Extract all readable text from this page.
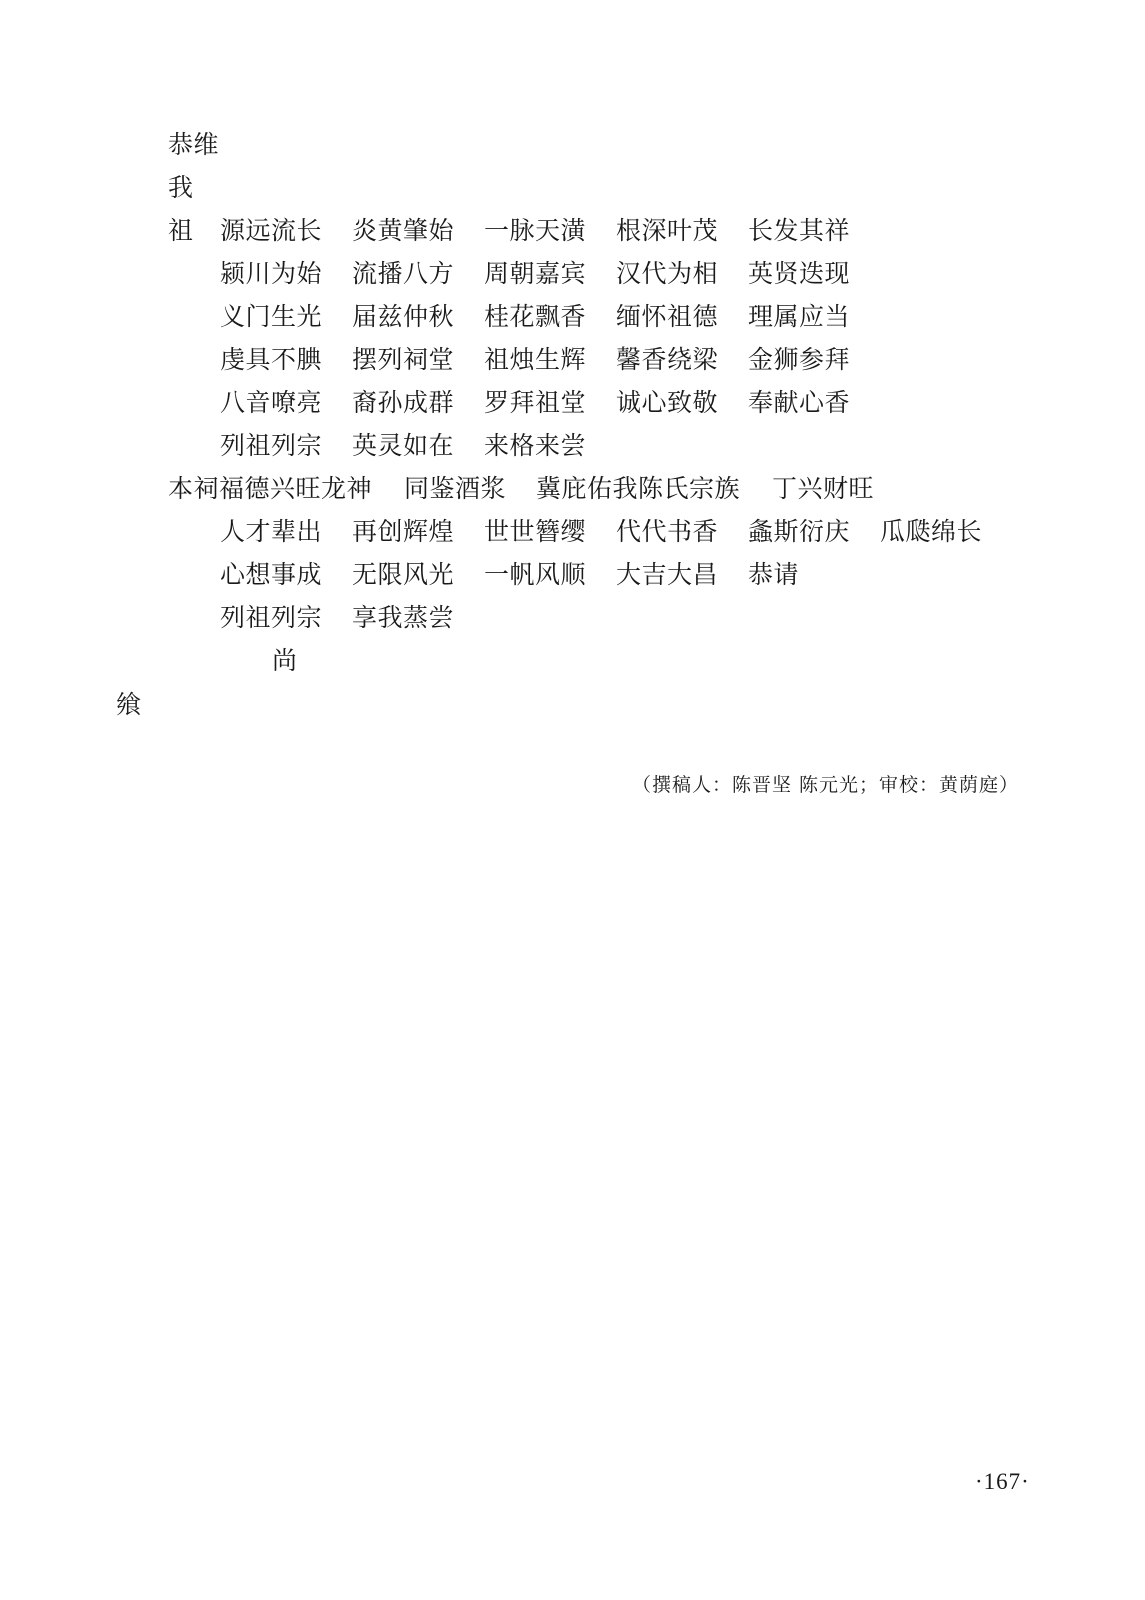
恭维
我
祖 源远流长 炎黄肇始 一脉天潢 根深叶茂 长发其祥
颍川为始 流播八方 周朝嘉宾 汉代为相 英贤迭现
义门生光 届兹仲秋 桂花飘香 缅怀祖德 理属应当
虔具不腆 摆列祠堂 祖烛生辉 馨香绕梁 金狮参拜
八音嘹亮 裔孙成群 罗拜祖堂 诚心致敬 奉献心香
列祖列宗 英灵如在 来格来尝
本祠福德兴旺龙神 同鉴酒浆 冀庇佑我陈氏宗族 丁兴财旺
人才辈出 再创辉煌 世世簪缨 代代书香 螽斯衍庆 瓜瓞绵长
心想事成 无限风光 一帆风顺 大吉大昌 恭请
列祖列宗 享我蒸尝
尚
飨
（撰稿人：陈晋坚 陈元光；审校：黄荫庭）
·167·
